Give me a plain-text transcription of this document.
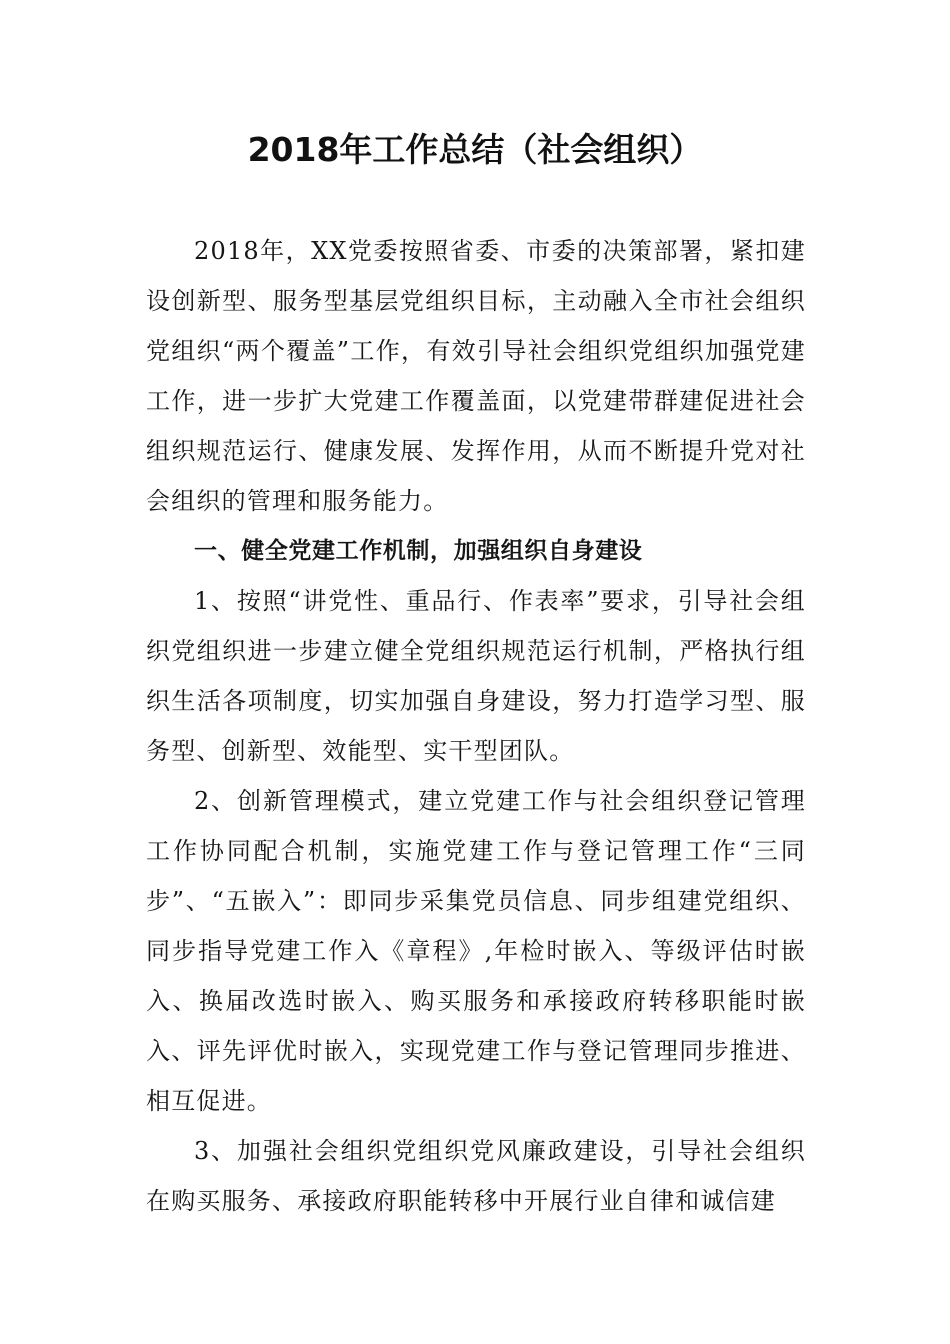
2018年工作总结（社会组织）

2018年，XX党委按照省委、市委的决策部署，紧扣建设创新型、服务型基层党组织目标，主动融入全市社会组织党组织“两个覆盖”工作，有效引导社会组织党组织加强党建工作，进一步扩大党建工作覆盖面，以党建带群建促进社会组织规范运行、健康发展、发挥作用，从而不断提升党对社会组织的管理和服务能力。

一、健全党建工作机制，加强组织自身建设

1、按照“讲党性、重品行、作表率”要求，引导社会组织党组织进一步建立健全党组织规范运行机制，严格执行组织生活各项制度，切实加强自身建设，努力打造学习型、服务型、创新型、效能型、实干型团队。

2、创新管理模式，建立党建工作与社会组织登记管理工作协同配合机制，实施党建工作与登记管理工作“三同步”、“五嵌入”：即同步采集党员信息、同步组建党组织、同步指导党建工作入《章程》,年检时嵌入、等级评估时嵌入、换届改选时嵌入、购买服务和承接政府转移职能时嵌入、评先评优时嵌入，实现党建工作与登记管理同步推进、相互促进。

3、加强社会组织党组织党风廉政建设，引导社会组织在购买服务、承接政府职能转移中开展行业自律和诚信建
